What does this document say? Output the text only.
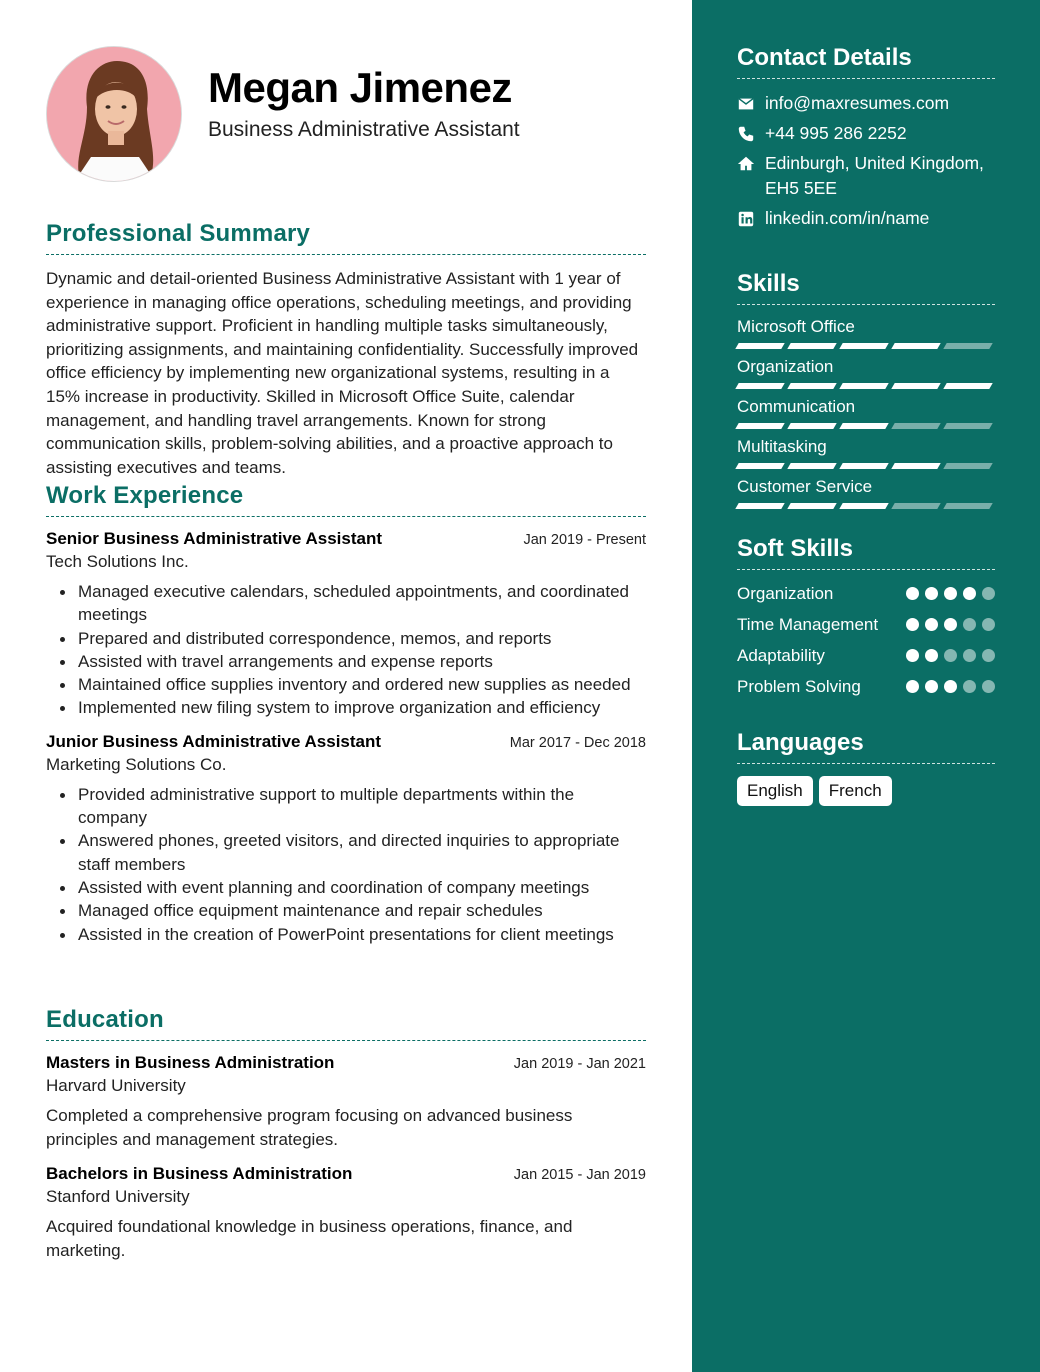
Megan Jimenez
Business Administrative Assistant
Professional Summary

Dynamic and detail-oriented Business Administrative Assistant with 1 year of experience in managing office operations, scheduling meetings, and providing administrative support. Proficient in handling multiple tasks simultaneously, prioritizing assignments, and maintaining confidentiality. Successfully improved office efficiency by implementing new organizational systems, resulting in a 15% increase in productivity. Skilled in Microsoft Office Suite, calendar management, and handling travel arrangements. Known for strong communication skills, problem-solving abilities, and a proactive approach to assisting executives and teams.

Work Experience
Senior Business Administrative Assistant	Jan 2019 - Present
Tech Solutions Inc.
Managed executive calendars, scheduled appointments, and coordinated meetings
Prepared and distributed correspondence, memos, and reports
Assisted with travel arrangements and expense reports
Maintained office supplies inventory and ordered new supplies as needed
Implemented new filing system to improve organization and efficiency
Junior Business Administrative Assistant	Mar 2017 - Dec 2018
Marketing Solutions Co.
Provided administrative support to multiple departments within the company
Answered phones, greeted visitors, and directed inquiries to appropriate staff members
Assisted with event planning and coordination of company meetings
Managed office equipment maintenance and repair schedules
Assisted in the creation of PowerPoint presentations for client meetings
Education
Masters in Business Administration	Jan 2019 - Jan 2021
Harvard University

Completed a comprehensive program focusing on advanced business principles and management strategies.

Bachelors in Business Administration	Jan 2015 - Jan 2019
Stanford University

Acquired foundational knowledge in business operations, finance, and marketing.

Contact Details
info@maxresumes.com
+44 995 286 2252
Edinburgh, United Kingdom, EH5 5EE
linkedin.com/in/name
Skills
Microsoft Office
Organization
Communication
Multitasking
Customer Service
Soft Skills
Organization
Time Management
Adaptability
Problem Solving
Languages
English	French
